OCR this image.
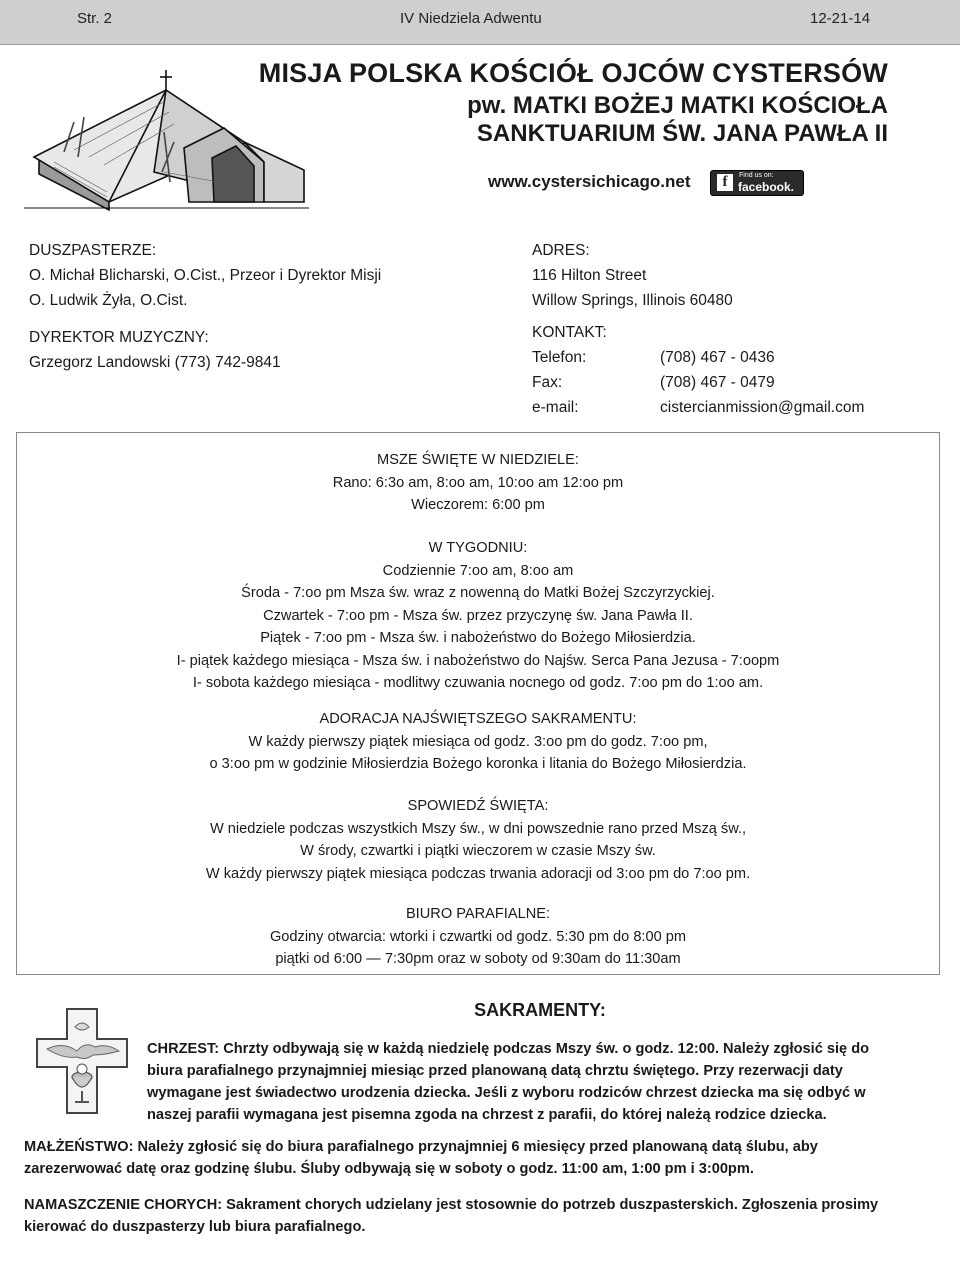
Str. 2	IV Niedziela Adwentu	12-21-14
MISJA POLSKA KOŚCIÓŁ OJCÓW CYSTERSÓW
pw. MATKI BOŻEJ MATKI KOŚCIOŁA
SANKTUARIUM ŚW. JANA PAWŁA II
www.cystersichicago.net	f	Find us on:
facebook.
DUSZPASTERZE:
O. Michał Blicharski, O.Cist., Przeor i Dyrektor Misji
O. Ludwik Żyła, O.Cist.
DYREKTOR MUZYCZNY:
Grzegorz Landowski (773) 742-9841
ADRES:
116 Hilton Street
Willow Springs, Illinois 60480
KONTAKT:
Telefon:	(708) 467 - 0436
Fax:	(708) 467 - 0479
e-mail:	cistercianmission@gmail.com
MSZE ŚWIĘTE W NIEDZIELE:
Rano: 6:3o am, 8:oo am, 10:oo am 12:oo pm
Wieczorem: 6:00 pm
W TYGODNIU:
Codziennie 7:oo am, 8:oo am
Środa - 7:oo pm Msza św. wraz z nowenną do Matki Bożej Szczyrzyckiej.
Czwartek - 7:oo pm - Msza św. przez przyczynę św. Jana Pawła II.
Piątek - 7:oo pm - Msza św. i nabożeństwo do Bożego Miłosierdzia.
I- piątek każdego miesiąca - Msza św. i nabożeństwo do Najśw. Serca Pana Jezusa - 7:oopm
I- sobota każdego miesiąca - modlitwy czuwania nocnego od godz. 7:oo pm do 1:oo am.
ADORACJA NAJŚWIĘTSZEGO SAKRAMENTU:
W każdy pierwszy piątek miesiąca od godz. 3:oo pm do godz. 7:oo pm,
o 3:oo pm w godzinie Miłosierdzia Bożego koronka i litania do Bożego Miłosierdzia.
SPOWIEDŹ ŚWIĘTA:
W niedziele podczas wszystkich Mszy św., w dni powszednie rano przed Mszą św.,
W środy, czwartki i piątki wieczorem w czasie Mszy św.
W każdy pierwszy piątek miesiąca podczas trwania adoracji od 3:oo pm do 7:oo pm.
BIURO PARAFIALNE:
Godziny otwarcia: wtorki i czwartki od godz. 5:30 pm do 8:00 pm
piątki od 6:00 — 7:30pm oraz w soboty od 9:30am do 11:30am
SAKRAMENTY:
CHRZEST: Chrzty odbywają się w każdą niedzielę podczas Mszy św. o godz. 12:00. Należy zgłosić się do
biura parafialnego przynajmniej miesiąc przed planowaną datą chrztu świętego. Przy rezerwacji daty
wymagane jest świadectwo urodzenia dziecka. Jeśli z wyboru rodziców chrzest dziecka ma się odbyć w
naszej parafii wymagana jest pisemna zgoda na chrzest z parafii, do której należą rodzice dziecka.
MAŁŻEŃSTWO: Należy zgłosić się do biura parafialnego przynajmniej 6 miesięcy przed planowaną datą ślubu, aby
zarezerwować datę oraz godzinę ślubu. Śluby odbywają się w soboty o godz. 11:00 am, 1:00 pm i 3:00pm.
NAMASZCZENIE CHORYCH: Sakrament chorych udzielany jest stosownie do potrzeb duszpasterskich. Zgłoszenia prosimy
kierować do duszpasterzy lub biura parafialnego.
